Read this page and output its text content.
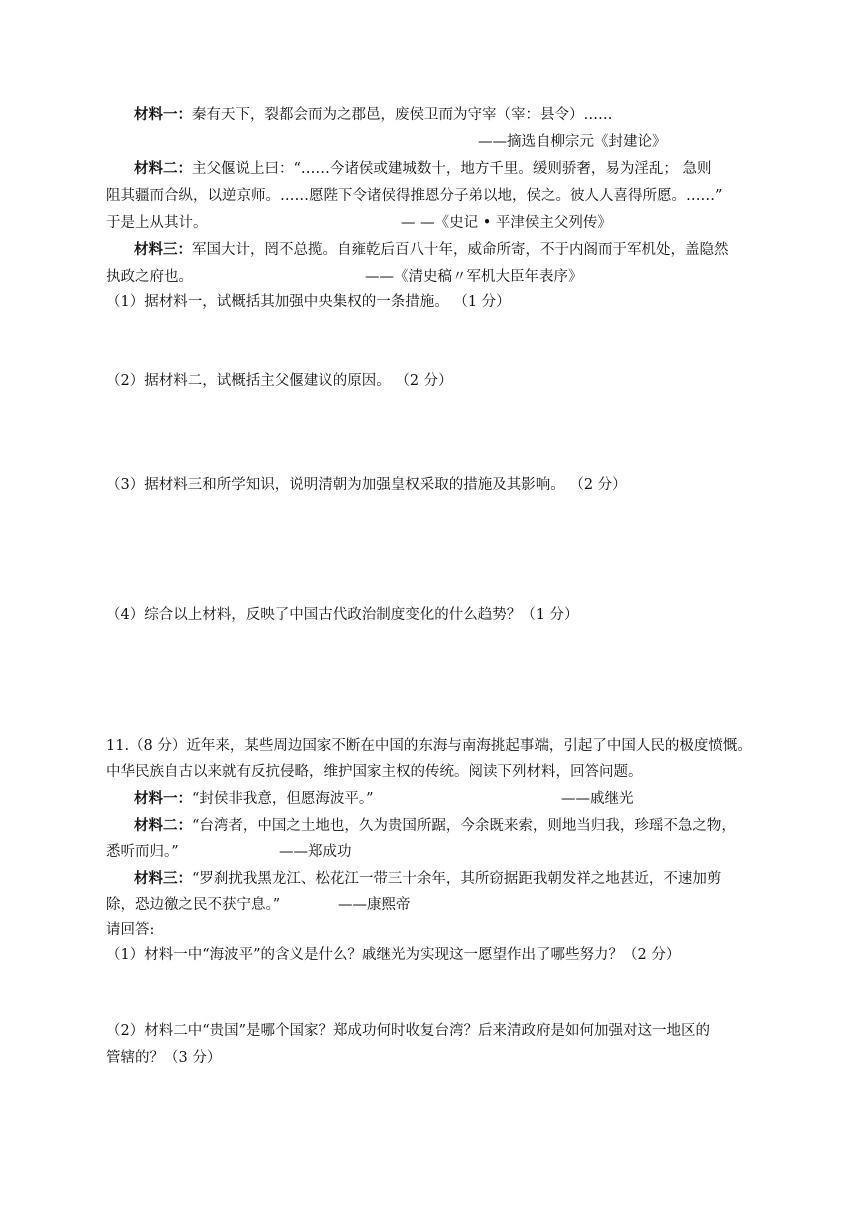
材料一：秦有天下，裂都会而为之郡邑，废侯卫而为守宰（宰：县令）……
——摘选自柳宗元《封建论》
材料二：主父偃说上曰：“……今诸侯或建城数十，地方千里。缓则骄奢，易为淫乱； 急则
阻其疆而合纵，以逆京师。……愿陛下令诸侯得推恩分子弟以地，侯之。彼人人喜得所愿。……”
于是上从其计。	— —《史记 • 平津侯主父列传》
材料三：军国大计，罔不总揽。自雍乾后百八十年，威命所寄，不于内阁而于军机处，盖隐然
执政之府也。	——《清史稿〃军机大臣年表序》
（1）据材料一，试概括其加强中央集权的一条措施。 （1 分）
（2）据材料二，试概括主父偃建议的原因。 （2 分）
（3）据材料三和所学知识，说明清朝为加强皇权采取的措施及其影响。 （2 分）
（4）综合以上材料，反映了中国古代政治制度变化的什么趋势？（1 分）
11.（8 分）近年来，某些周边国家不断在中国的东海与南海挑起事端，引起了中国人民的极度愤慨。
中华民族自古以来就有反抗侵略，维护国家主权的传统。阅读下列材料，回答问题。
材料一：“封侯非我意，但愿海波平。”	——戚继光
材料二：“台湾者，中国之土地也，久为贵国所踞，今余既来索，则地当归我，珍瑶不急之物，
悉听而归。”	——郑成功
材料三：“罗刹扰我黑龙江、松花江一带三十余年，其所窃据距我朝发祥之地甚近，不速加剪
除，恐边徼之民不获宁息。”	——康熙帝
请回答:
（1）材料一中“海波平”的含义是什么？戚继光为实现这一愿望作出了哪些努力？（2 分）
（2）材料二中“贵国”是哪个国家？郑成功何时收复台湾？后来清政府是如何加强对这一地区的
管辖的？（3 分）
